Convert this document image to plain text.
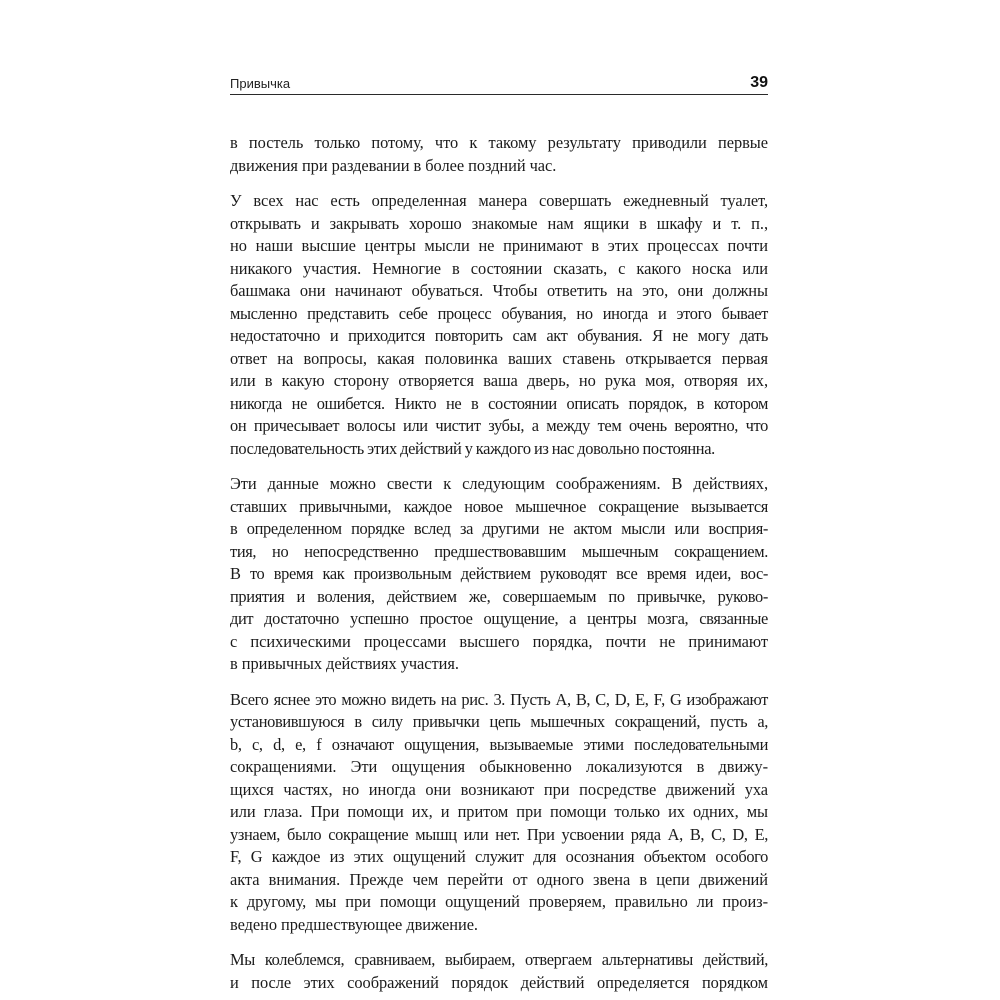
Привычка	39
в постель только потому, что к такому результату приводили первые
движения при раздевании в более поздний час.
У всех нас есть определенная манера совершать ежедневный туалет,
открывать и закрывать хорошо знакомые нам ящики в шкафу и т. п.,
но наши высшие центры мысли не принимают в этих процессах почти
никакого участия. Немногие в состоянии сказать, с какого носка или
башмака они начинают обуваться. Чтобы ответить на это, они должны
мысленно представить себе процесс обувания, но иногда и этого бывает
недостаточно и приходится повторить сам акт обувания. Я не могу дать
ответ на вопросы, какая половинка ваших ставень открывается первая
или в какую сторону отворяется ваша дверь, но рука моя, отворяя их,
никогда не ошибется. Никто не в состоянии описать порядок, в котором
он причесывает волосы или чистит зубы, а между тем очень вероятно, что
последовательность этих действий у каждого из нас довольно постоянна.
Эти данные можно свести к следующим соображениям. В действиях,
ставших привычными, каждое новое мышечное сокращение вызывается
в определенном порядке вслед за другими не актом мысли или восприя-
тия, но непосредственно предшествовавшим мышечным сокращением.
В то время как произвольным действием руководят все время идеи, вос-
приятия и воления, действием же, совершаемым по привычке, руково-
дит достаточно успешно простое ощущение, а центры мозга, связанные
с психическими процессами высшего порядка, почти не принимают
в привычных действиях участия.
Всего яснее это можно видеть на рис. 3. Пусть A, B, C, D, E, F, G изображают
установившуюся в силу привычки цепь мышечных сокращений, пусть a,
b, c, d, e, f означают ощущения, вызываемые этими последовательными
сокращениями. Эти ощущения обыкновенно локализуются в движу-
щихся частях, но иногда они возникают при посредстве движений уха
или глаза. При помощи их, и притом при помощи только их одних, мы
узнаем, было сокращение мышц или нет. При усвоении ряда A, B, C, D, E,
F, G каждое из этих ощущений служит для осознания объектом особого
акта внимания. Прежде чем перейти от одного звена в цепи движений
к другому, мы при помощи ощущений проверяем, правильно ли произ-
ведено предшествующее движение.
Мы колеблемся, сравниваем, выбираем, отвергаем альтернативы действий,
и после этих соображений порядок действий определяется порядком
